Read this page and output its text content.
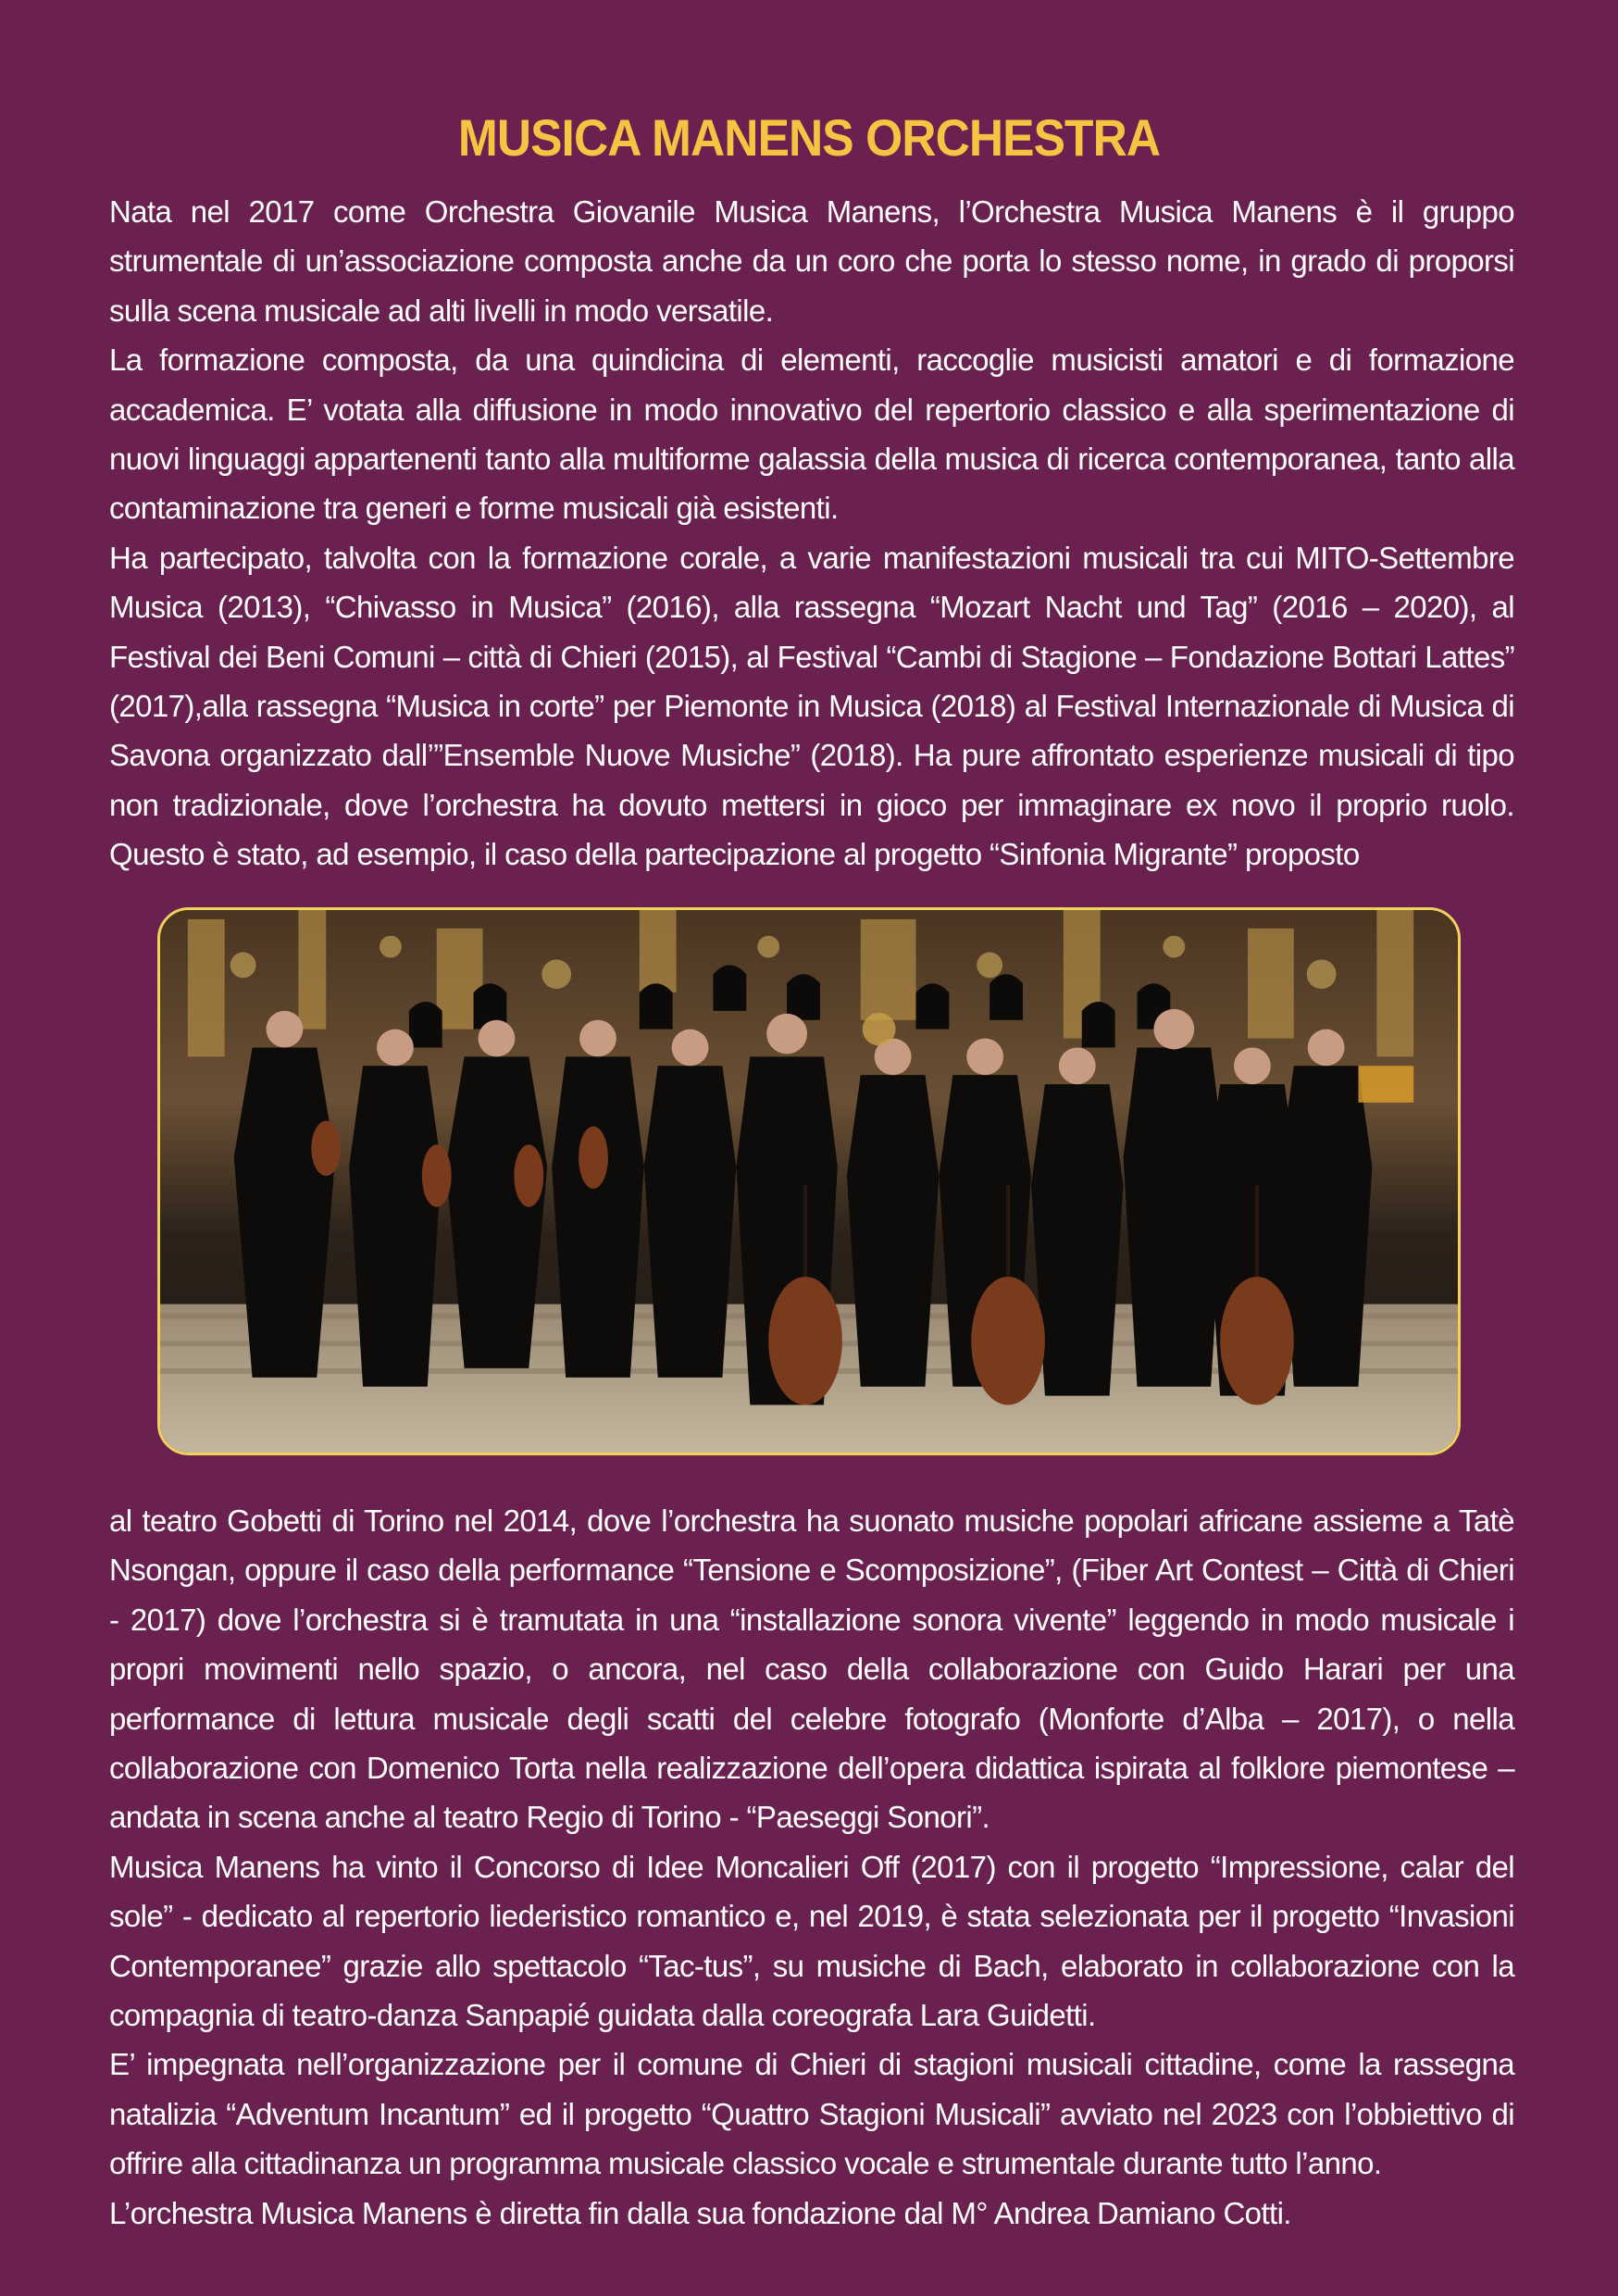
MUSICA MANENS ORCHESTRA

Nata nel 2017 come Orchestra Giovanile Musica Manens, l’Orchestra Musica Manens è il gruppo strumentale di un’associazione composta anche da un coro che porta lo stesso nome, in grado di proporsi sulla scena musicale ad alti livelli in modo versatile.

La formazione composta, da una quindicina di elementi, raccoglie musicisti amatori e di formazione accademica. E’ votata alla diffusione in modo innovativo del repertorio classico e alla sperimentazione di nuovi linguaggi appartenenti tanto alla multiforme galassia della musica di ricerca contemporanea, tanto alla contaminazione tra generi e forme musicali già esistenti.

Ha partecipato, talvolta con la formazione corale, a varie manifestazioni musicali tra cui MITO-Settembre Musica (2013), “Chivasso in Musica” (2016), alla rassegna “Mozart Nacht und Tag” (2016 – 2020), al Festival dei Beni Comuni – città di Chieri (2015), al Festival “Cambi di Stagione – Fondazione Bottari Lattes” (2017),alla rassegna “Musica in corte” per Piemonte in Musica (2018) al Festival Internazionale di Musica di Savona organizzato dall’”Ensemble Nuove Musiche” (2018). Ha pure affrontato esperienze musicali di tipo non tradizionale, dove l’orchestra ha dovuto mettersi in gioco per immaginare ex novo il proprio ruolo. Questo è stato, ad esempio, il caso della partecipazione al progetto “Sinfonia Migrante” proposto

al teatro Gobetti di Torino nel 2014, dove l’orchestra ha suonato musiche popolari africane assieme a Tatè Nsongan, oppure il caso della performance “Tensione e Scomposizione”, (Fiber Art Contest – Città di Chieri - 2017) dove l’orchestra si è tramutata in una “installazione sonora vivente” leggendo in modo musicale i propri movimenti nello spazio, o ancora, nel caso della collaborazione con Guido Harari per una performance di lettura musicale degli scatti del celebre fotografo (Monforte d’Alba – 2017), o nella collaborazione con Domenico Torta nella realizzazione dell’opera didattica ispirata al folklore piemontese – andata in scena anche al teatro Regio di Torino - “Paeseggi Sonori”.

Musica Manens ha vinto il Concorso di Idee Moncalieri Off (2017) con il progetto “Impressione, calar del sole” - dedicato al repertorio liederistico romantico e, nel 2019, è stata selezionata per il progetto “Invasioni Contemporanee” grazie allo spettacolo “Tac-tus”, su musiche di Bach, elaborato in collaborazione con la compagnia di teatro-danza Sanpapié guidata dalla coreografa Lara Guidetti.

E’ impegnata nell’organizzazione per il comune di Chieri di stagioni musicali cittadine, come la rassegna natalizia “Adventum Incantum” ed il progetto “Quattro Stagioni Musicali” avviato nel 2023 con l’obbiettivo di offrire alla cittadinanza un programma musicale classico vocale e strumentale durante tutto l’anno.

L’orchestra Musica Manens è diretta fin dalla sua fondazione dal M° Andrea Damiano Cotti.
